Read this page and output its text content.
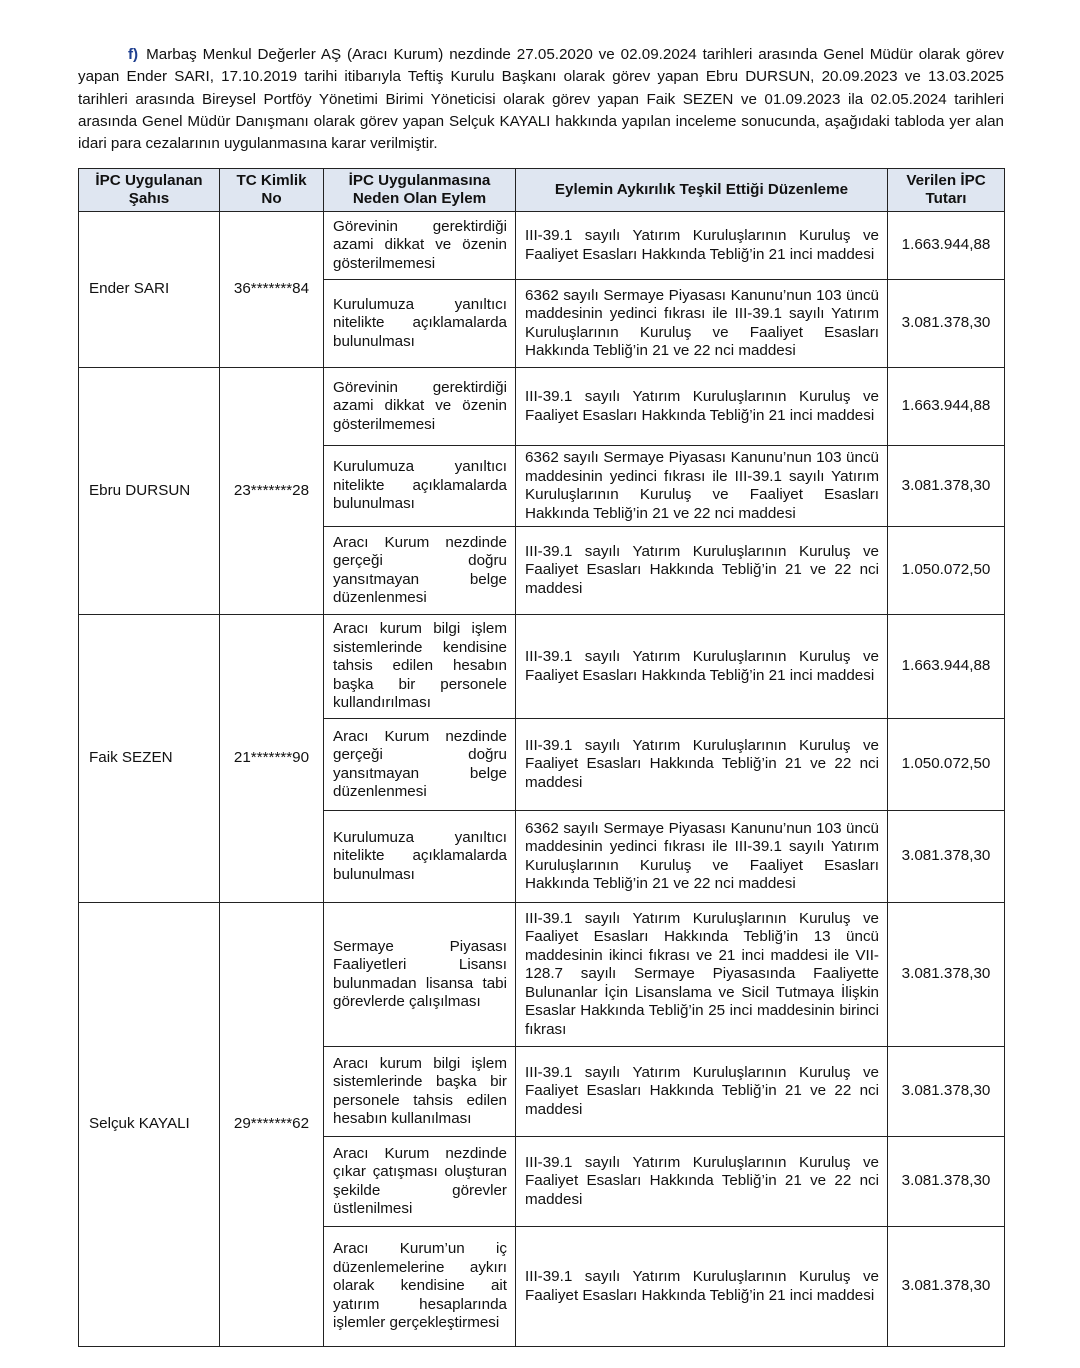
f) Marbaş Menkul Değerler AŞ (Aracı Kurum) nezdinde 27.05.2020 ve 02.09.2024 tarihleri arasında Genel Müdür olarak görev yapan Ender SARI, 17.10.2019 tarihi itibarıyla Teftiş Kurulu Başkanı olarak görev yapan Ebru DURSUN, 20.09.2023 ve 13.03.2025 tarihleri arasında Bireysel Portföy Yönetimi Birimi Yöneticisi olarak görev yapan Faik SEZEN ve 01.09.2023 ila 02.05.2024 tarihleri arasında Genel Müdür Danışmanı olarak görev yapan Selçuk KAYALI hakkında yapılan inceleme sonucunda, aşağıdaki tabloda yer alan idari para cezalarının uygulanmasına karar verilmiştir.

İPC Uygulanan Şahıs	TC Kimlik No	İPC Uygulanmasına Neden Olan Eylem	Eylemin Aykırılık Teşkil Ettiği Düzenleme	Verilen İPC Tutarı
Ender SARI	36*******84	Görevinin gerektirdiği azami dikkat ve özenin gösterilmemesi	III-39.1 sayılı Yatırım Kuruluşlarının Kuruluş ve Faaliyet Esasları Hakkında Tebliğ’in 21 inci maddesi	1.663.944,88
		Kurulumuza yanıltıcı nitelikte açıklamalarda bulunulması	6362 sayılı Sermaye Piyasası Kanunu’nun 103 üncü maddesinin yedinci fıkrası ile III-39.1 sayılı Yatırım Kuruluşlarının Kuruluş ve Faaliyet Esasları Hakkında Tebliğ’in 21 ve 22 nci maddesi	3.081.378,30
Ebru DURSUN	23*******28	Görevinin gerektirdiği azami dikkat ve özenin gösterilmemesi	III-39.1 sayılı Yatırım Kuruluşlarının Kuruluş ve Faaliyet Esasları Hakkında Tebliğ’in 21 inci maddesi	1.663.944,88
		Kurulumuza yanıltıcı nitelikte açıklamalarda bulunulması	6362 sayılı Sermaye Piyasası Kanunu’nun 103 üncü maddesinin yedinci fıkrası ile III-39.1 sayılı Yatırım Kuruluşlarının Kuruluş ve Faaliyet Esasları Hakkında Tebliğ’in 21 ve 22 nci maddesi	3.081.378,30
		Aracı Kurum nezdinde gerçeği doğru yansıtmayan belge düzenlenmesi	III-39.1 sayılı Yatırım Kuruluşlarının Kuruluş ve Faaliyet Esasları Hakkında Tebliğ’in 21 ve 22 nci maddesi	1.050.072,50
Faik SEZEN	21*******90	Aracı kurum bilgi işlem sistemlerinde kendisine tahsis edilen hesabın başka bir personele kullandırılması	III-39.1 sayılı Yatırım Kuruluşlarının Kuruluş ve Faaliyet Esasları Hakkında Tebliğ’in 21 inci maddesi	1.663.944,88
		Aracı Kurum nezdinde gerçeği doğru yansıtmayan belge düzenlenmesi	III-39.1 sayılı Yatırım Kuruluşlarının Kuruluş ve Faaliyet Esasları Hakkında Tebliğ’in 21 ve 22 nci maddesi	1.050.072,50
		Kurulumuza yanıltıcı nitelikte açıklamalarda bulunulması	6362 sayılı Sermaye Piyasası Kanunu’nun 103 üncü maddesinin yedinci fıkrası ile III-39.1 sayılı Yatırım Kuruluşlarının Kuruluş ve Faaliyet Esasları Hakkında Tebliğ’in 21 ve 22 nci maddesi	3.081.378,30
Selçuk KAYALI	29*******62	Sermaye Piyasası Faaliyetleri Lisansı bulunmadan lisansa tabi görevlerde çalışılması	III-39.1 sayılı Yatırım Kuruluşlarının Kuruluş ve Faaliyet Esasları Hakkında Tebliğ’in 13 üncü maddesinin ikinci fıkrası ve 21 inci maddesi ile VII-128.7 sayılı Sermaye Piyasasında Faaliyette Bulunanlar İçin Lisanslama ve Sicil Tutmaya İlişkin Esaslar Hakkında Tebliğ’in 25 inci maddesinin birinci fıkrası	3.081.378,30
		Aracı kurum bilgi işlem sistemlerinde başka bir personele tahsis edilen hesabın kullanılması	III-39.1 sayılı Yatırım Kuruluşlarının Kuruluş ve Faaliyet Esasları Hakkında Tebliğ’in 21 ve 22 nci maddesi	3.081.378,30
		Aracı Kurum nezdinde çıkar çatışması oluşturan şekilde görevler üstlenilmesi	III-39.1 sayılı Yatırım Kuruluşlarının Kuruluş ve Faaliyet Esasları Hakkında Tebliğ’in 21 ve 22 nci maddesi	3.081.378,30
		Aracı Kurum’un iç düzenlemelerine aykırı olarak kendisine ait yatırım hesaplarında işlemler gerçekleştirmesi	III-39.1 sayılı Yatırım Kuruluşlarının Kuruluş ve Faaliyet Esasları Hakkında Tebliğ’in 21 inci maddesi	3.081.378,30
